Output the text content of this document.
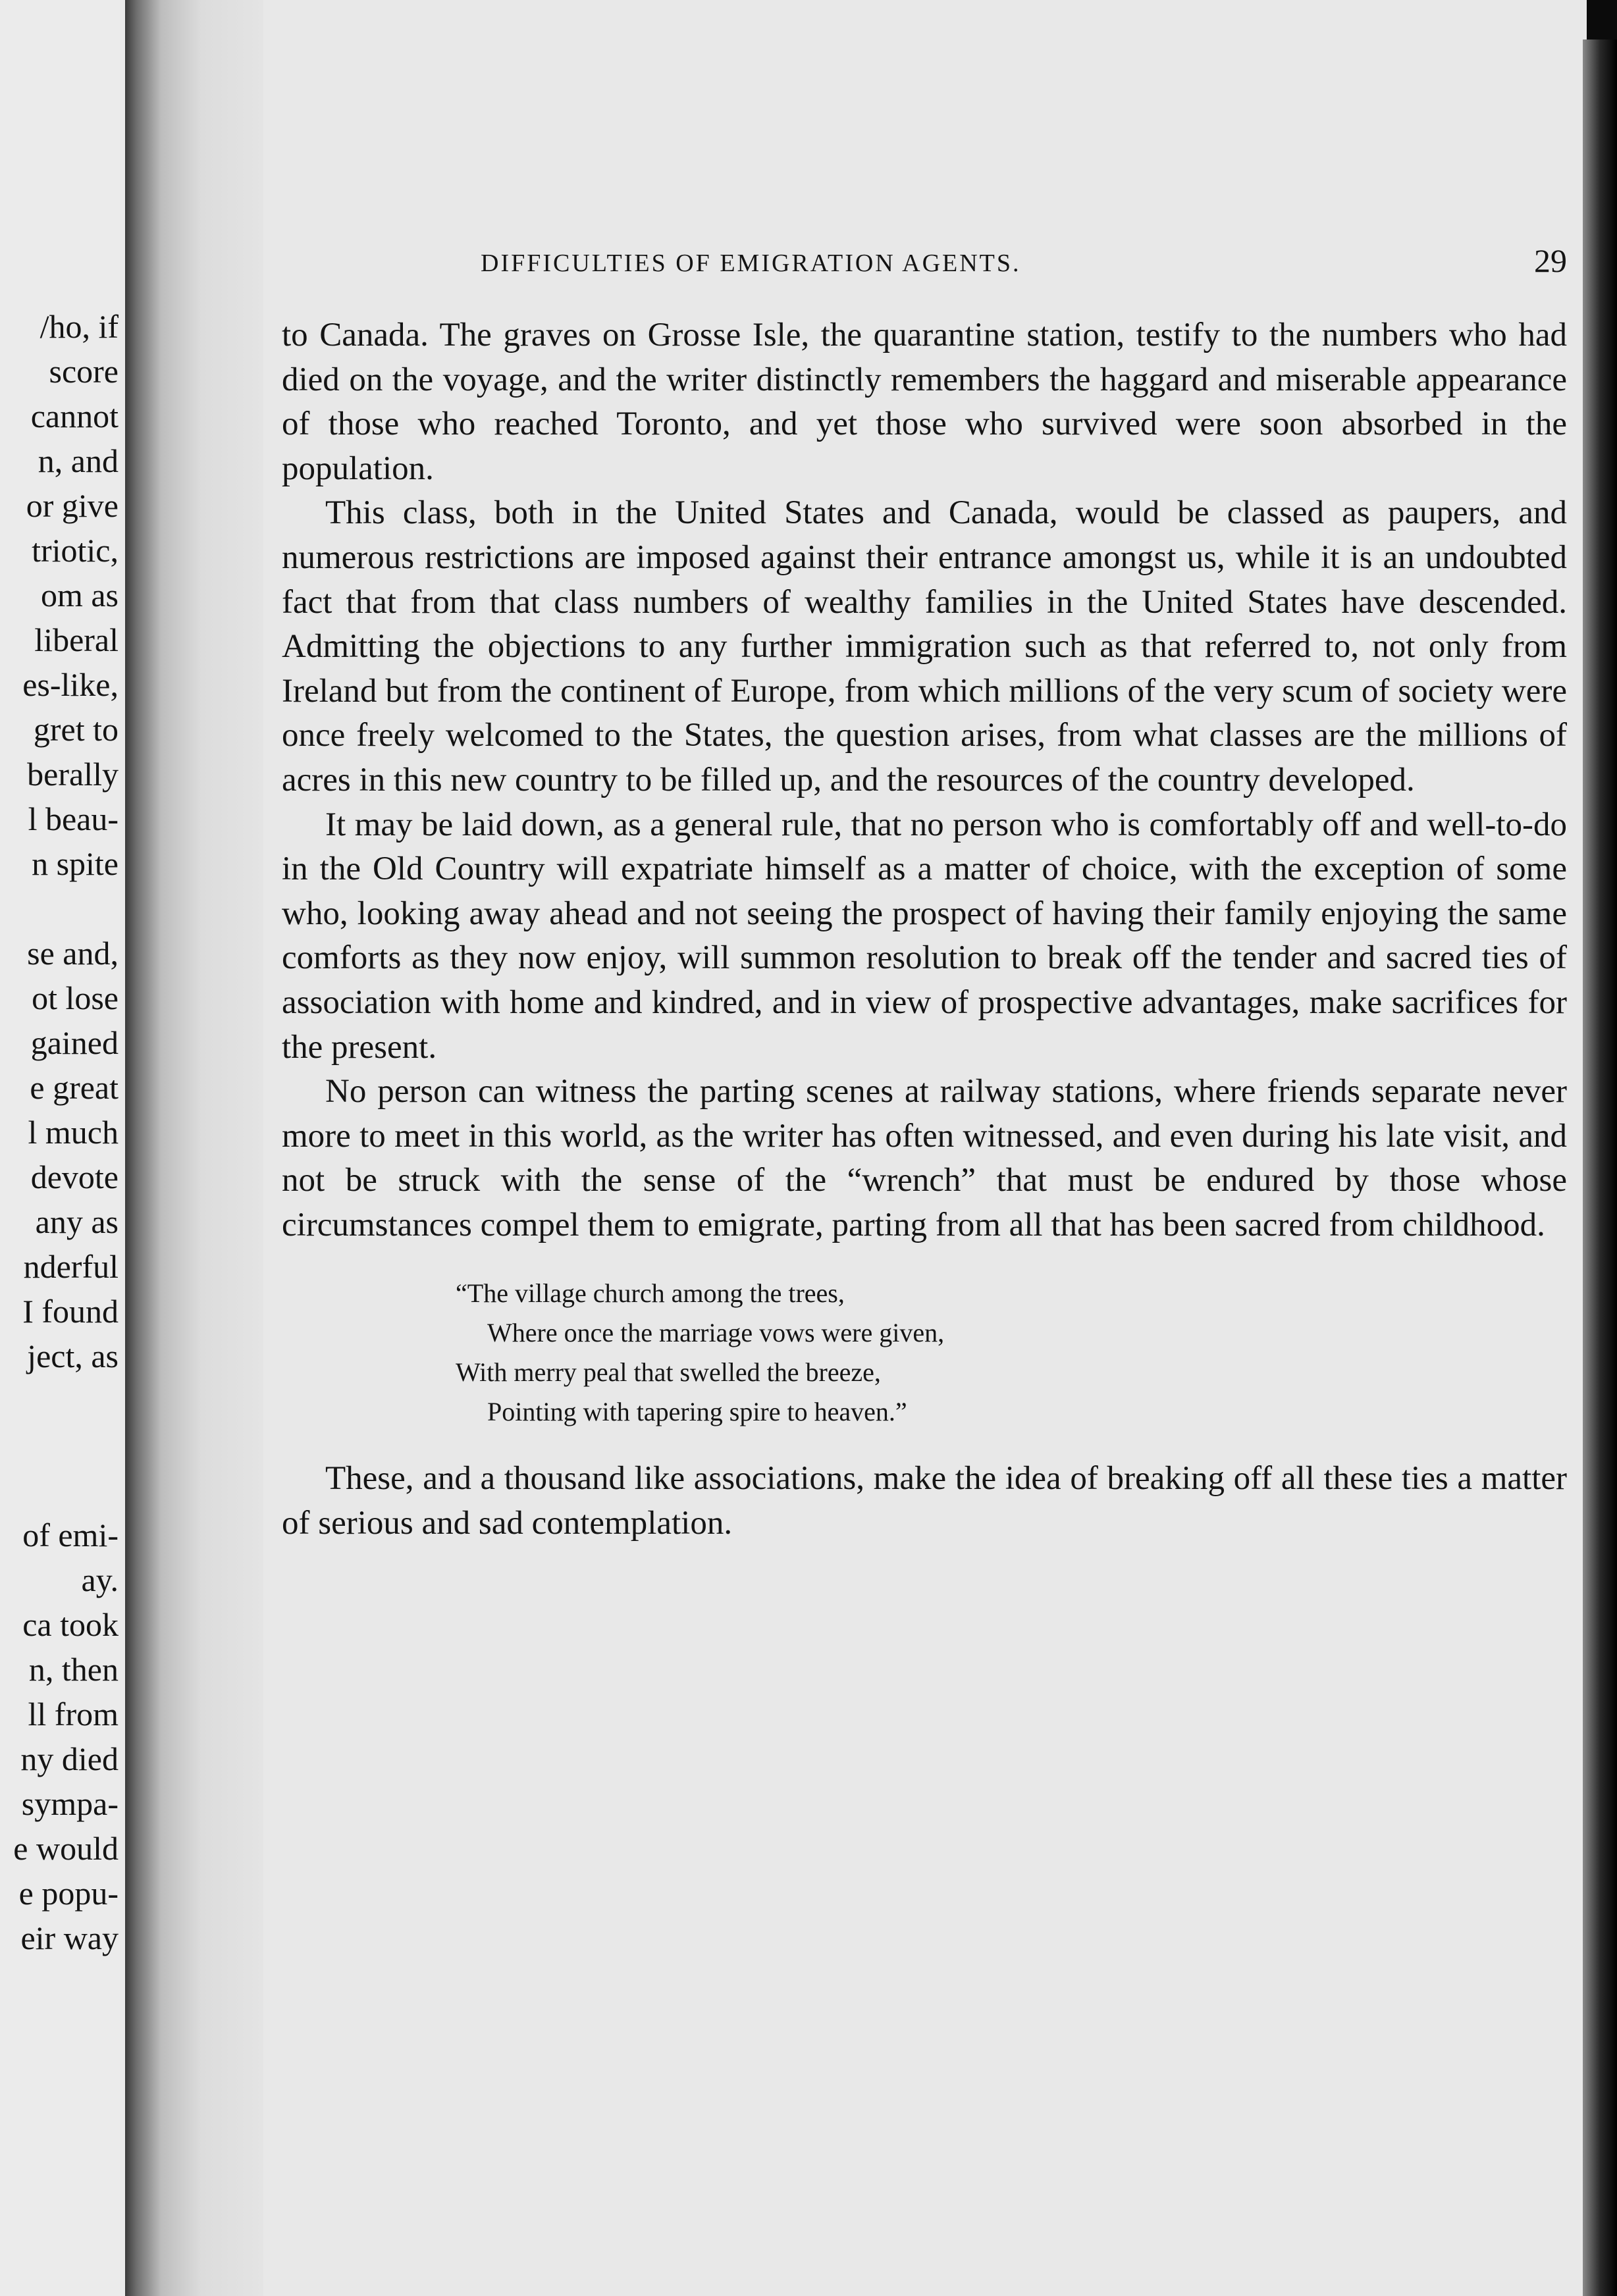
/ho, if
score
cannot
n, and
or give
triotic,
om as
liberal
es-like,
gret to
berally
l beau-
n spite
se and,
ot lose
gained
e great
l much
devote
any as
nderful
I found
ject, as
of emi-
ay.
ca took
n, then
ll from
ny died
sympa-
e would
e popu-
eir way
DIFFICULTIES OF EMIGRATION AGENTS.	29

to Canada. The graves on Grosse Isle, the quarantine station, testify to the numbers who had died on the voyage, and the writer distinctly remembers the haggard and miserable appearance of those who reached Toronto, and yet those who survived were soon absorbed in the population.

This class, both in the United States and Canada, would be classed as paupers, and numerous restrictions are imposed against their entrance amongst us, while it is an undoubted fact that from that class numbers of wealthy families in the United States have descended. Admitting the objections to any further immigration such as that referred to, not only from Ireland but from the continent of Europe, from which millions of the very scum of society were once freely welcomed to the States, the question arises, from what classes are the millions of acres in this new country to be filled up, and the resources of the country developed.

It may be laid down, as a general rule, that no person who is comfortably off and well-to-do in the Old Country will expatriate himself as a matter of choice, with the exception of some who, looking away ahead and not seeing the prospect of having their family enjoying the same comforts as they now enjoy, will summon resolution to break off the tender and sacred ties of association with home and kindred, and in view of prospective advantages, make sacrifices for the present.

No person can witness the parting scenes at railway stations, where friends separate never more to meet in this world, as the writer has often witnessed, and even during his late visit, and not be struck with the sense of the “wrench” that must be endured by those whose circumstances compel them to emigrate, parting from all that has been sacred from childhood.

“The village church among the trees,
Where once the marriage vows were given,
With merry peal that swelled the breeze,
Pointing with tapering spire to heaven.”

These, and a thousand like associations, make the idea of breaking off all these ties a matter of serious and sad contemplation.
